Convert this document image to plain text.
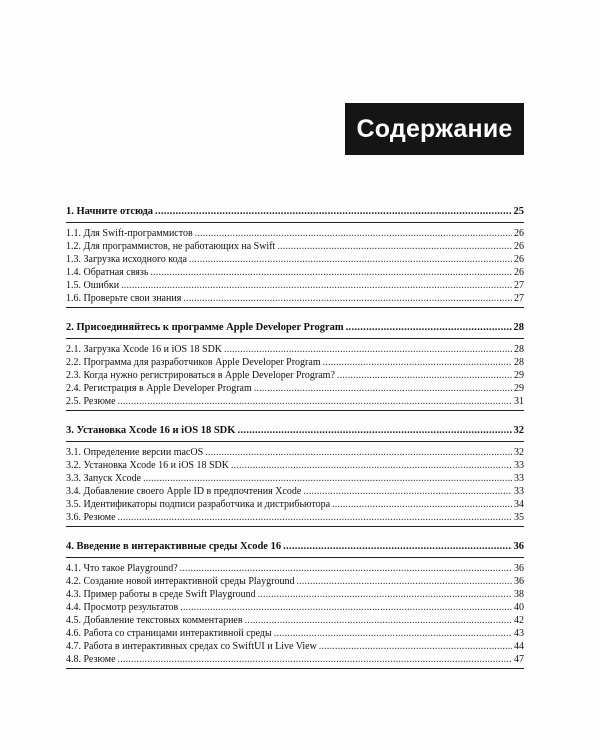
Содержание
1. Начните отсюда .....	25
1.1. Для Swift-программистов .....	26
1.2. Для программистов, не работающих на Swift .....	26
1.3. Загрузка исходного кода .....	26
1.4. Обратная связь .....	26
1.5. Ошибки .....	27
1.6. Проверьте свои знания .....	27
2. Присоединяйтесь к программе Apple Developer Program .....	28
2.1. Загрузка Xcode 16 и iOS 18 SDK .....	28
2.2. Программа для разработчиков Apple Developer Program .....	28
2.3. Когда нужно регистрироваться в Apple Developer Program? .....	29
2.4. Регистрация в Apple Developer Program .....	29
2.5. Резюме .....	31
3. Установка Xcode 16 и iOS 18 SDK .....	32
3.1. Определение версии macOS .....	32
3.2. Установка Xcode 16 и iOS 18 SDK .....	33
3.3. Запуск Xcode .....	33
3.4. Добавление своего Apple ID в предпочтения Xcode .....	33
3.5. Идентификаторы подписи разработчика и дистрибьютора .....	34
3.6. Резюме .....	35
4. Введение в интерактивные среды Xcode 16 .....	36
4.1. Что такое Playground? .....	36
4.2. Создание новой интерактивной среды Playground .....	36
4.3. Пример работы в среде Swift Playground .....	38
4.4. Просмотр результатов .....	40
4.5. Добавление текстовых комментариев .....	42
4.6. Работа со страницами интерактивной среды .....	43
4.7. Работа в интерактивных средах со SwiftUI и Live View .....	44
4.8. Резюме .....	47
